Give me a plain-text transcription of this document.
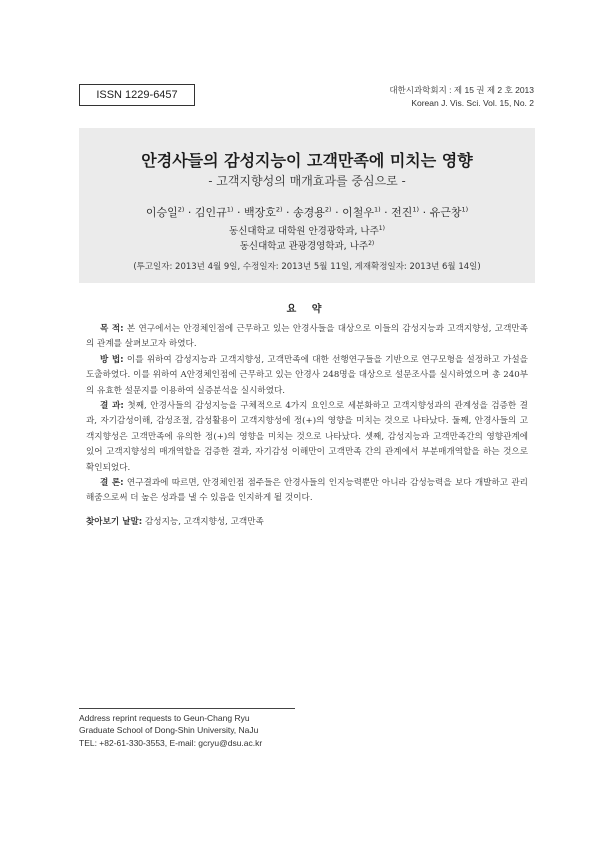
ISSN 1229-6457	대한시과학회지 : 제 15 권 제 2 호 2013
Korean J. Vis. Sci. Vol. 15, No. 2
안경사들의 감성지능이 고객만족에 미치는 영향
- 고객지향성의 매개효과를 중심으로 -
이승일$^{2)}$ · 김인규$^{1)}$ · 백장호$^{2)}$ · 송경용$^{2)}$ · 이철우$^{1)}$ · 전진$^{1)}$ · 유근창$^{1)}$
동신대학교 대학원 안경광학과, 나주$^{1)}$
동신대학교 관광경영학과, 나주$^{2)}$
(투고일자: 2013년 4월 9일, 수정일자: 2013년 5월 11일, 게재확정일자: 2013년 6월 14일)
요 약

목 적: 본 연구에서는 안경체인점에 근무하고 있는 안경사들을 대상으로 이들의 감성지능과 고객지향성, 고객만족의 관계를 살펴보고자 하였다.

방 법: 이를 위하여 감성지능과 고객지향성, 고객만족에 대한 선행연구들을 기반으로 연구모형을 설정하고 가설을 도출하였다. 이를 위하여 A안경체인점에 근무하고 있는 안경사 248명을 대상으로 설문조사를 실시하였으며 총 240부의 유효한 설문지를 이용하여 실증분석을 실시하였다.

결 과: 첫째, 안경사들의 감성지능을 구체적으로 4가지 요인으로 세분화하고 고객지향성과의 관계성을 검증한 결과, 자기감성이해, 감성조절, 감성활용이 고객지향성에 정(+)의 영향을 미치는 것으로 나타났다. 둘째, 안경사들의 고객지향성은 고객만족에 유의한 정(+)의 영향을 미치는 것으로 나타났다. 셋째, 감성지능과 고객만족간의 영향관계에 있어 고객지향성의 매개역할을 검증한 결과, 자기감성 이해만이 고객만족 간의 관계에서 부분매개역할을 하는 것으로 확인되었다.

결 론: 연구결과에 따르면, 안경체인점 점주들은 안경사들의 인지능력뿐만 아니라 감성능력을 보다 개발하고 관리해줌으로써 더 높은 성과를 낼 수 있음을 인지하게 될 것이다.

찾아보기 낱말: 감성지능, 고객지향성, 고객만족
Address reprint requests to Geun-Chang Ryu
Graduate School of Dong-Shin University, NaJu
TEL: +82-61-330-3553, E-mail: gcryu@dsu.ac.kr
